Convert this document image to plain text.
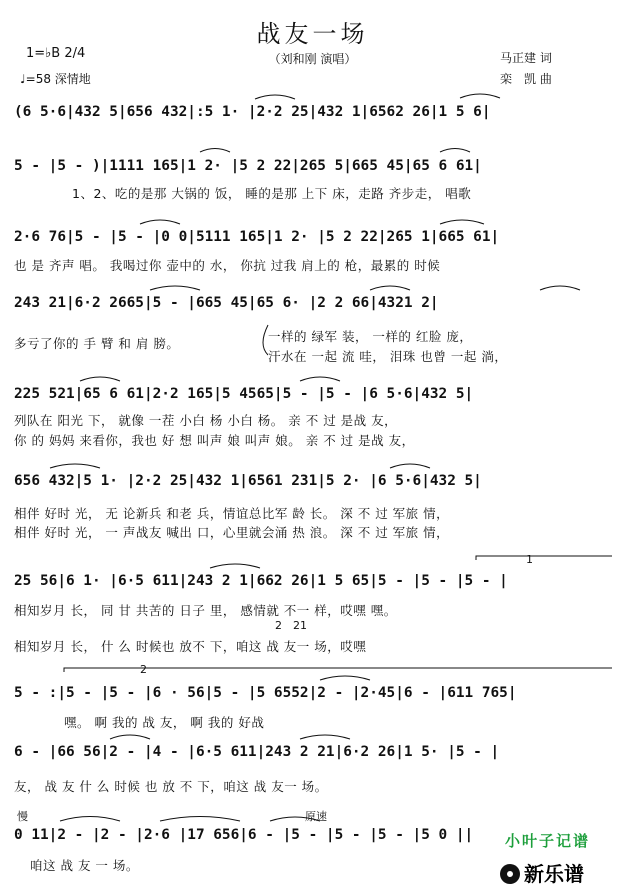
战友一场
（刘和刚 演唱）
1=♭B 2/4
♩=58 深情地
马正建 词
栾　凯 曲
(6 5·6|432 5|656 432|:5 1· |2·2 25|432 1|6562 26|1 5 6|
5 - |5 - )|1111 165|1 2· |5 2 22|265 5|665 45|65 6 61|
2·6 76|5 - |5 - |0 0|5111 165|1 2· |5 2 22|265 1|665 61|
243 21|6·2 2665|5 - |665 45|65 6· |2 2 66|4321 2|
225 521|65 6 61|2·2 165|5 4565|5 - |5 - |6 5·6|432 5|
656 432|5 1· |2·2 25|432 1|6561 231|5 2· |6 5·6|432 5|
25 56|6 1· |6·5 611|243 2 1|662 26|1 5 65|5 - |5 - |5 - |
5 - :|5 - |5 - |6 · 56|5 - |5 6552|2 - |2·45|6 - |611 765|
6 - |66 56|2 - |4 - |6·5 611|243 2 21|6·2 26|1 5· |5 - |
0 11|2 - |2 - |2·6 |17 656|6 - |5 - |5 - |5 - |5 0 ||
1、2、吃的是那 大锅的 饭， 睡的是那 上下 床，走路 齐步走， 唱歌
也 是 齐声 唱。 我喝过你 壶中的 水， 你抗 过我 肩上的 枪，最累的 时候
多亏了你的 手 臂 和 肩 膀。	一样的 绿军 装， 一样的 红脸 庞，
汗水在 一起 流 哇， 泪珠 也曾 一起 淌，
列队在 阳光 下， 就像 一茬 小白 杨 小白 杨。 亲 不 过 是战 友，
你 的 妈妈 来看你，我也 好 想 叫声 娘 叫声 娘。 亲 不 过 是战 友，
相伴 好时 光， 无 论新兵 和老 兵，情谊总比军 龄 长。 深 不 过 军旅 情，
相伴 好时 光， 一 声战友 喊出 口，心里就会涌 热 浪。 深 不 过 军旅 情，
相知岁月 长， 同 甘 共苦的 日子 里， 感情就 不一 样，哎嘿 嘿。
相知岁月 长， 什 么 时候也 放不 下，咱这 战 友一 场，哎嘿
嘿。 啊 我的 战 友， 啊 我的 好战
友， 战 友 什 么 时候 也 放 不 下，咱这 战 友一 场。
咱这 战 友 一 场。
1
2　21
2
慢	原速
小叶子记谱
新乐谱
